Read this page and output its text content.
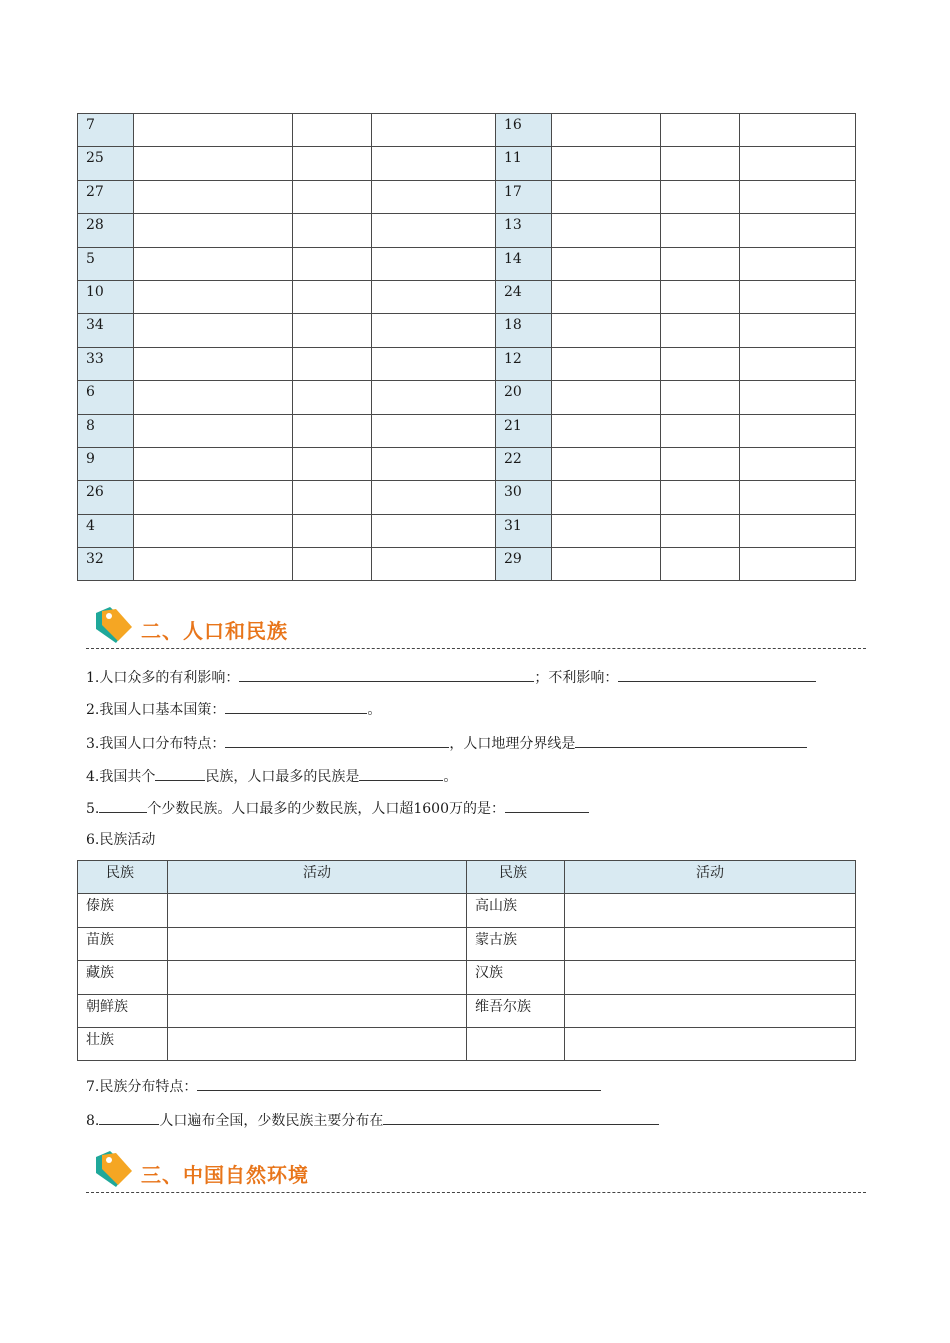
7				16			
25				11			
27				17			
28				13			
5				14			
10				24			
34				18			
33				12			
6				20			
8				21			
9				22			
26				30			
4				31			
32				29			
二、人口和民族
1.人口众多的有利影响：	；不利影响：
2.我国人口基本国策：	。
3.我国人口分布特点：	，人口地理分界线是
4.我国共个	民族，人口最多的民族是	。
5.	个少数民族。人口最多的少数民族，人口超1600万的是：
6.民族活动
民族	活动	民族	活动
傣族		高山族	
苗族		蒙古族	
藏族		汉族	
朝鲜族		维吾尔族	
壮族			
7.民族分布特点：
8.	人口遍布全国，少数民族主要分布在
三、中国自然环境
